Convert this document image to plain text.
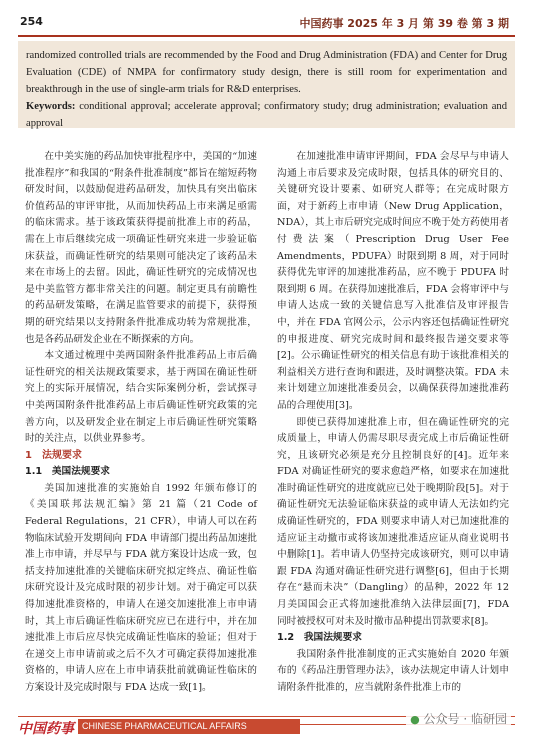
254	中国药事 2025 年 3 月 第 39 卷 第 3 期

randomized controlled trials are recommended by the Food and Drug Administration (FDA) and Center for Drug Evaluation (CDE) of NMPA for confirmatory study design, there is still room for experimentation and breakthrough in the use of single-arm trials for R&D enterprises.

Keywords: conditional approval; accelerate approval; confirmatory study; drug administration; evaluation and approval

在中美实施的药品加快审批程序中，美国的“加速批准程序”和我国的“附条件批准制度”都旨在缩短药物研发时间，以鼓励促进药品研发，加快具有突出临床价值药品的审评审批，从而加快药品上市来满足亟需的临床需求。基于该政策获得提前批准上市的药品，需在上市后继续完成一项确证性研究来进一步验证临床获益，而确证性研究的结果则可能决定了该药品未来在市场上的去留。因此，确证性研究的完成情况也是中美监管方都非常关注的问题。制定更具有前瞻性的药品研发策略，在满足监管要求的前提下，获得预期的研究结果以支持附条件批准成功转为常规批准，也是各药品研发企业在不断探索的方向。

本文通过梳理中美两国附条件批准药品上市后确证性研究的相关法规政策要求，基于两国在确证性研究上的实际开展情况，结合实际案例分析，尝试探寻中美两国附条件批准药品上市后确证性研究政策的完善方向，以及研发企业在制定上市后确证性研究策略时的关注点，以供业界参考。

1　法规要求

1.1　美国法规要求

美国加速批准的实施始自 1992 年颁布修订的《美国联邦法规汇编》第 21 篇（21 Code of Federal Regulations，21 CFR），申请人可以在药物临床试验开发期间向 FDA 申请部门提出药品加速批准上市申请，并尽早与 FDA 就方案设计达成一致，包括支持加速批准的关键临床研究拟定终点、确证性临床研究设计及完成时限的初步计划。对于确定可以获得加速批准资格的，申请人在递交加速批准上市申请时，其上市后确证性临床研究应已在进行中，并在加速批准上市后应尽快完成确证性临床的验证；但对于在递交上市申请前或之后不久才可确定获得加速批准资格的，申请人应在上市申请获批前就确证性临床的方案设计及完成时限与 FDA 达成一致[1]。

在加速批准申请审评期间，FDA 会尽早与申请人沟通上市后要求及完成时限，包括具体的研究目的、关键研究设计要素、如研究人群等；在完成时限方面，对于新药上市申请（New Drug Application，NDA），其上市后研究完成时间应不晚于处方药使用者付费法案（Prescription Drug User Fee Amendments，PDUFA）时限到期 8 周，对于同时获得优先审评的加速批准药品，应不晚于 PDUFA 时限到期 6 周。在获得加速批准后，FDA 会将审评中与申请人达成一致的关键信息写入批准信及审评报告中，并在 FDA 官网公示，公示内容还包括确证性研究的申报进度、研究完成时间和最终报告递交要求等[2]。公示确证性研究的相关信息有助于该批准相关的利益相关方进行查询和跟进，及时调整决策。FDA 未来计划建立加速批准委员会，以确保获得加速批准药品的合理使用[3]。

即使已获得加速批准上市，但在确证性研究的完成质量上，申请人仍需尽职尽责完成上市后确证性研究，且该研究必须是充分且控制良好的[4]。近年来 FDA 对确证性研究的要求愈趋严格，如要求在加速批准时确证性研究的进度就应已处于晚期阶段[5]。对于确证性研究无法验证临床获益的或申请人无法如约完成确证性研究的，FDA 则要求申请人对已加速批准的适应证主动撤市或将该加速批准适应证从商业说明书中删除[1]。若申请人仍坚持完成该研究，则可以申请跟 FDA 沟通对确证性研究进行调整[6]，但由于长期存在“悬而未决”（Dangling）的品种，2022 年 12 月美国国会正式将加速批准纳入法律层面[7]，FDA 同时被授权可对未及时撤市品种提出罚款要求[8]。

1.2　我国法规要求

我国附条件批准制度的正式实施始自 2020 年颁布的《药品注册管理办法》，该办法规定申请人计划申请附条件批准的，应当就附条件批准上市的

中国药事 CHINESE PHARMACEUTICAL AFFAIRS	● 公众号 · 临研园
